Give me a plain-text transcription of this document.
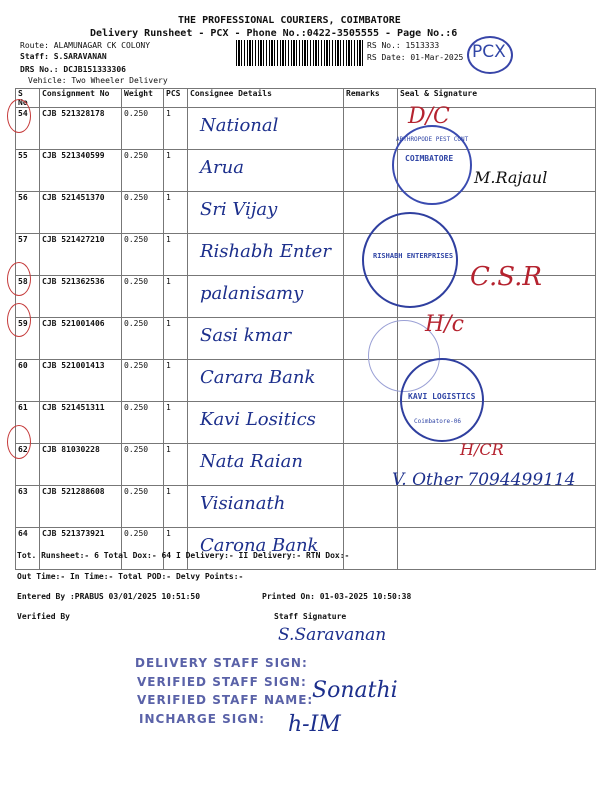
THE PROFESSIONAL COURIERS, COIMBATORE
Delivery Runsheet - PCX - Phone No.:0422-3505555 - Page No.:6
Route: ALAMUNAGAR CK COLONY
Staff: S.SARAVANAN
DRS No.: DCJB151333306
Vehicle: Two Wheeler Delivery
RS No.: 1513333
RS Date: 01-Mar-2025 PCX
S No	Consignment No	Weight	PCS	Consignee Details	Remarks	Seal & Signature
54	CJB 521328178	0.250	1	National		

55	CJB 521340599	0.250	1	Arua		

56	CJB 521451370	0.250	1	Sri Vijay		

57	CJB 521427210	0.250	1	Rishabh Enter		

58	CJB 521362536	0.250	1	palanisamy		

59	CJB 521001406	0.250	1	Sasi kmar		

60	CJB 521001413	0.250	1	Carara Bank		

61	CJB 521451311	0.250	1	Kavi Lositics		

62	CJB 81030228	0.250	1	Nata Raian		

63	CJB 521288608	0.250	1	Visianath		

64	CJB 521373921	0.250	1	Carona Bank		

COIMBATORE
ARTHROPODE PEST CONT
RISHABH ENTERPRISES
KAVI LOGISTICS
Coimbatore-06
D/C
M.Rajaul
C.S.R
H/c
H/CR
V. Other 7094499114
Tot. Runsheet:- 6 Total Dox:- 64 I Delivery:- II Delivery:- RTN Dox:-
Out Time:- In Time:- Total POD:- Delvy Points:-
Entered By :PRABUS 03/01/2025 10:51:50	Printed On: 01-03-2025 10:50:38
Verified By	Staff Signature
S.Saravanan
DELIVERY STAFF SIGN:
VERIFIED STAFF SIGN:
VERIFIED STAFF NAME:
INCHARGE SIGN:
Sonathi
h-IM
